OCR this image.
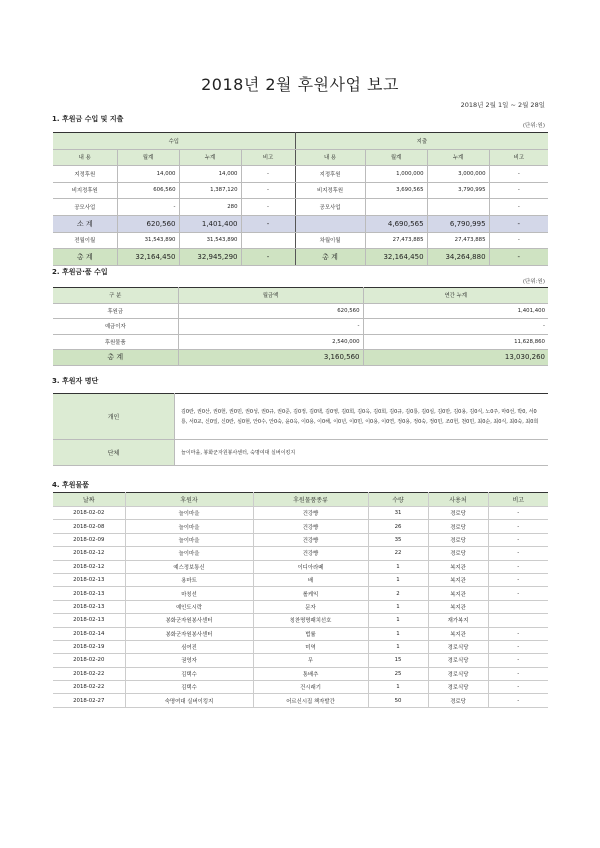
2018년 2월 후원사업 보고
2018년 2월 1일 ~ 2월 28일
1. 후원금 수입 및 지출
(단위:원)
수입				지출			
내 용	월계	누계	비고	내 용	월계	누계	비고
지정후원	14,000	14,000	-	지정후원	1,000,000	3,000,000	-
비지정후원	606,560	1,387,120	-	비지정후원	3,690,565	3,790,995	-
공모사업	-	280	-	공모사업			-
소 계	620,560	1,401,400	-		4,690,565	6,790,995	-
전월이월	31,543,890	31,543,890		차월이월	27,473,885	27,473,885	-
총 계	32,164,450	32,945,290	-	총 계	32,164,450	34,264,880	-
2. 후원금·품 수입
(단위:원)
구 분	월금액	연간 누계
후원금	620,560	1,401,400
예금이자	-	-
후원물품	2,540,000	11,628,860
총 계	3,160,560	13,030,260
3. 후원자 명단
개인	김0란, 권0산, 권0헌, 권0민, 권0성, 권0규, 권0준, 김0정, 김0택, 김0영, 김0희, 김0옥, 김0희, 김0규, 김0룡, 김0심, 김0만, 김0용, 김0식, 노0주, 마0선, 박0, 서0룡, 서0교, 신0일, 신0란, 심0현, 안0수, 안0숙, 윤0옥, 이0용, 이0해, 이0년, 이0민, 이0용, 이0연, 정0용, 정0숙, 정0민, 조0헌, 천0민, 최0순, 최0식, 최0숙, 최0희
단체	늘이마을, 봉화군자원봉사센터, 숙명여대 실버이킹지
4. 후원물품
날짜	후원자	후원물품종류	수량	사용처	비고
2018-02-02	늘이마을	건강빵	31	경로당	-
2018-02-08	늘이마을	건강빵	26	경로당	-
2018-02-09	늘이마을	건강빵	35	경로당	-
2018-02-12	늘이마을	건강빵	22	경로당	-
2018-02-12	예스정보통신	이디아라떼	1	복지관	-
2018-02-13	용마트	배	1	복지관	-
2018-02-13	마칭선	롤케익	2	복지관	-
2018-02-13	예인도시락	문자	1	복지관	
2018-02-13	봉화군자원봉사센터	칭찬명명패치선호	1	재가복지	
2018-02-14	봉화군자원봉사센터	법률	1	복지관	-
2018-02-19	심여진	미역	1	경로식당	-
2018-02-20	권영자	무	15	경로식당	-
2018-02-22	김택수	통배추	25	경로식당	-
2018-02-22	김택수	건시래기	1	경로식당	-
2018-02-27	숙명여대 실버이킹지	어르신시집 책자발간	50	경로당	-
